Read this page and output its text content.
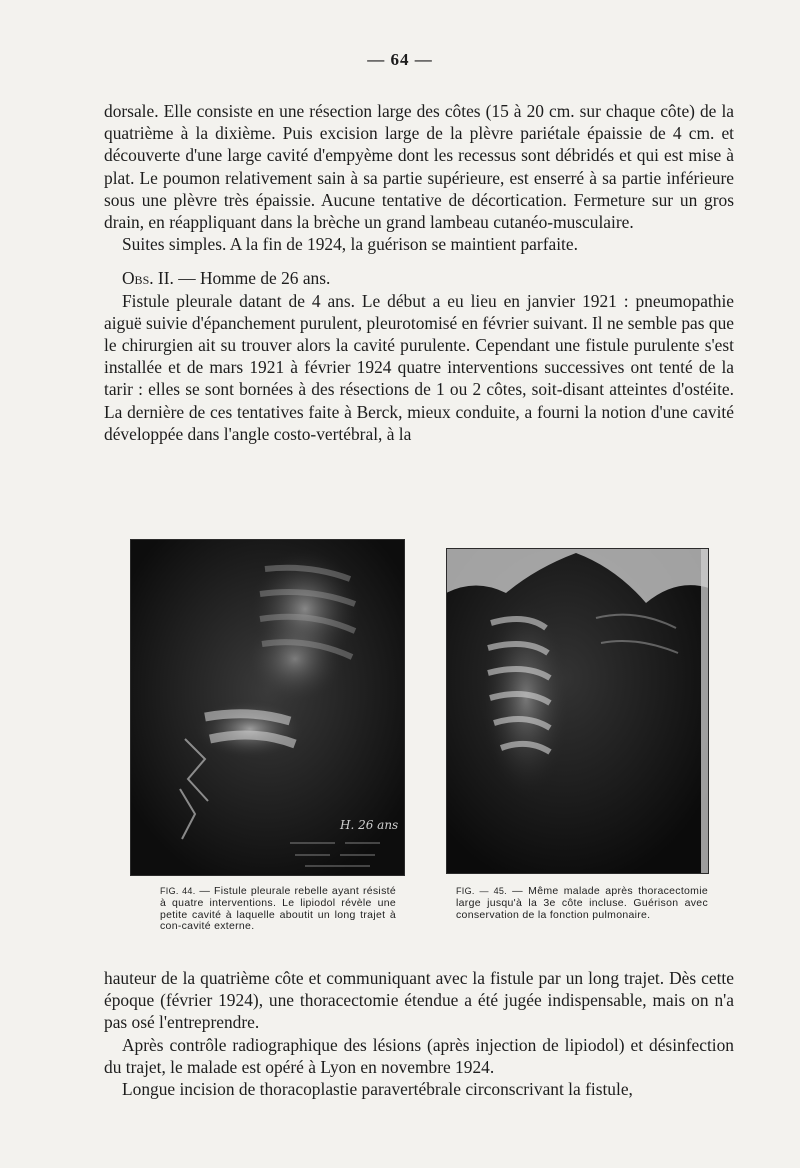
— 64 —

dorsale. Elle consiste en une résection large des côtes (15 à 20 cm. sur chaque côte) de la quatrième à la dixième. Puis excision large de la plèvre pariétale épaissie de 4 cm. et découverte d'une large cavité d'empyème dont les recessus sont débridés et qui est mise à plat. Le poumon relativement sain à sa partie supérieure, est enserré à sa partie inférieure sous une plèvre très épaissie. Aucune tentative de décortication. Fermeture sur un gros drain, en réappliquant dans la brèche un grand lambeau cutanéo-musculaire.

Suites simples. A la fin de 1924, la guérison se maintient parfaite.

Obs. II. — Homme de 26 ans.

Fistule pleurale datant de 4 ans. Le début a eu lieu en janvier 1921 : pneumopathie aiguë suivie d'épanchement purulent, pleurotomisé en février suivant. Il ne semble pas que le chirurgien ait su trouver alors la cavité purulente. Cependant une fistule purulente s'est installée et de mars 1921 à février 1924 quatre interventions successives ont tenté de la tarir : elles se sont bornées à des résections de 1 ou 2 côtes, soit-disant atteintes d'ostéite. La dernière de ces tentatives faite à Berck, mieux conduite, a fourni la notion d'une cavité développée dans l'angle costo-vertébral, à la

H. 26 ans
FIG. 44. — Fistule pleurale rebelle ayant résisté à quatre interventions. Le lipiodol révèle une petite cavité à laquelle aboutit un long trajet à con-cavité externe.
FIG. — 45. — Même malade après thoracectomie large jusqu'à la 3e côte incluse. Guérison avec conservation de la fonction pulmonaire.

hauteur de la quatrième côte et communiquant avec la fistule par un long trajet. Dès cette époque (février 1924), une thoracectomie étendue a été jugée indispensable, mais on n'a pas osé l'entreprendre.

Après contrôle radiographique des lésions (après injection de lipiodol) et désinfection du trajet, le malade est opéré à Lyon en novembre 1924.

Longue incision de thoracoplastie paravertébrale circonscrivant la fistule,
